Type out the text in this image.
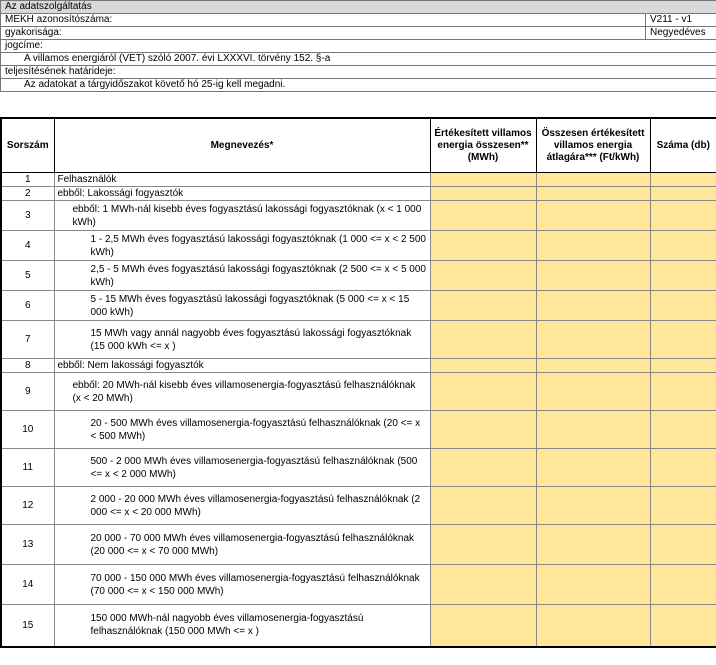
Az adatszolgáltatás	
MEKH azonosítószáma:	V211 - v1
gyakorisága:	Negyedéves
jogcíme:	
A villamos energiáról (VET) szóló 2007. évi LXXXVI. törvény 152. §-a	
teljesítésének határideje:	
Az adatokat a tárgyidőszakot követő hó 25-ig kell megadni.	
Sorszám	Megnevezés*	Értékesített villamos energia összesen** (MWh)	Összesen értékesített villamos energia átlagára*** (Ft/kWh)	Száma (db)
1	Felhasználók			
2	ebből: Lakossági fogyasztók			
3	ebből: 1 MWh-nál kisebb éves fogyasztású lakossági fogyasztóknak (x < 1 000 kWh)			
4	1 - 2,5 MWh éves fogyasztású lakossági fogyasztóknak (1 000 <= x < 2 500 kWh)			
5	2,5 - 5 MWh éves fogyasztású lakossági fogyasztóknak (2 500 <= x < 5 000 kWh)			
6	5 - 15 MWh éves fogyasztású lakossági fogyasztóknak (5 000 <= x < 15 000 kWh)			
7	15 MWh vagy annál nagyobb éves fogyasztású lakossági fogyasztóknak (15 000 kWh <= x )			
8	ebből: Nem lakossági fogyasztók			
9	ebből: 20 MWh-nál kisebb éves villamosenergia-fogyasztású felhasználóknak (x < 20 MWh)			
10	20 - 500 MWh éves villamosenergia-fogyasztású felhasználóknak (20 <= x < 500 MWh)			
11	500 - 2 000 MWh éves villamosenergia-fogyasztású felhasználóknak (500 <= x < 2 000 MWh)			
12	2 000 - 20 000 MWh éves villamosenergia-fogyasztású felhasználóknak (2 000 <= x < 20 000 MWh)			
13	20 000 - 70 000 MWh éves villamosenergia-fogyasztású felhasználóknak (20 000 <= x < 70 000 MWh)			
14	70 000 - 150 000 MWh éves villamosenergia-fogyasztású felhasználóknak (70 000 <= x < 150 000 MWh)			
15	150 000 MWh-nál nagyobb éves villamosenergia-fogyasztású felhasználóknak (150 000 MWh <= x )			
